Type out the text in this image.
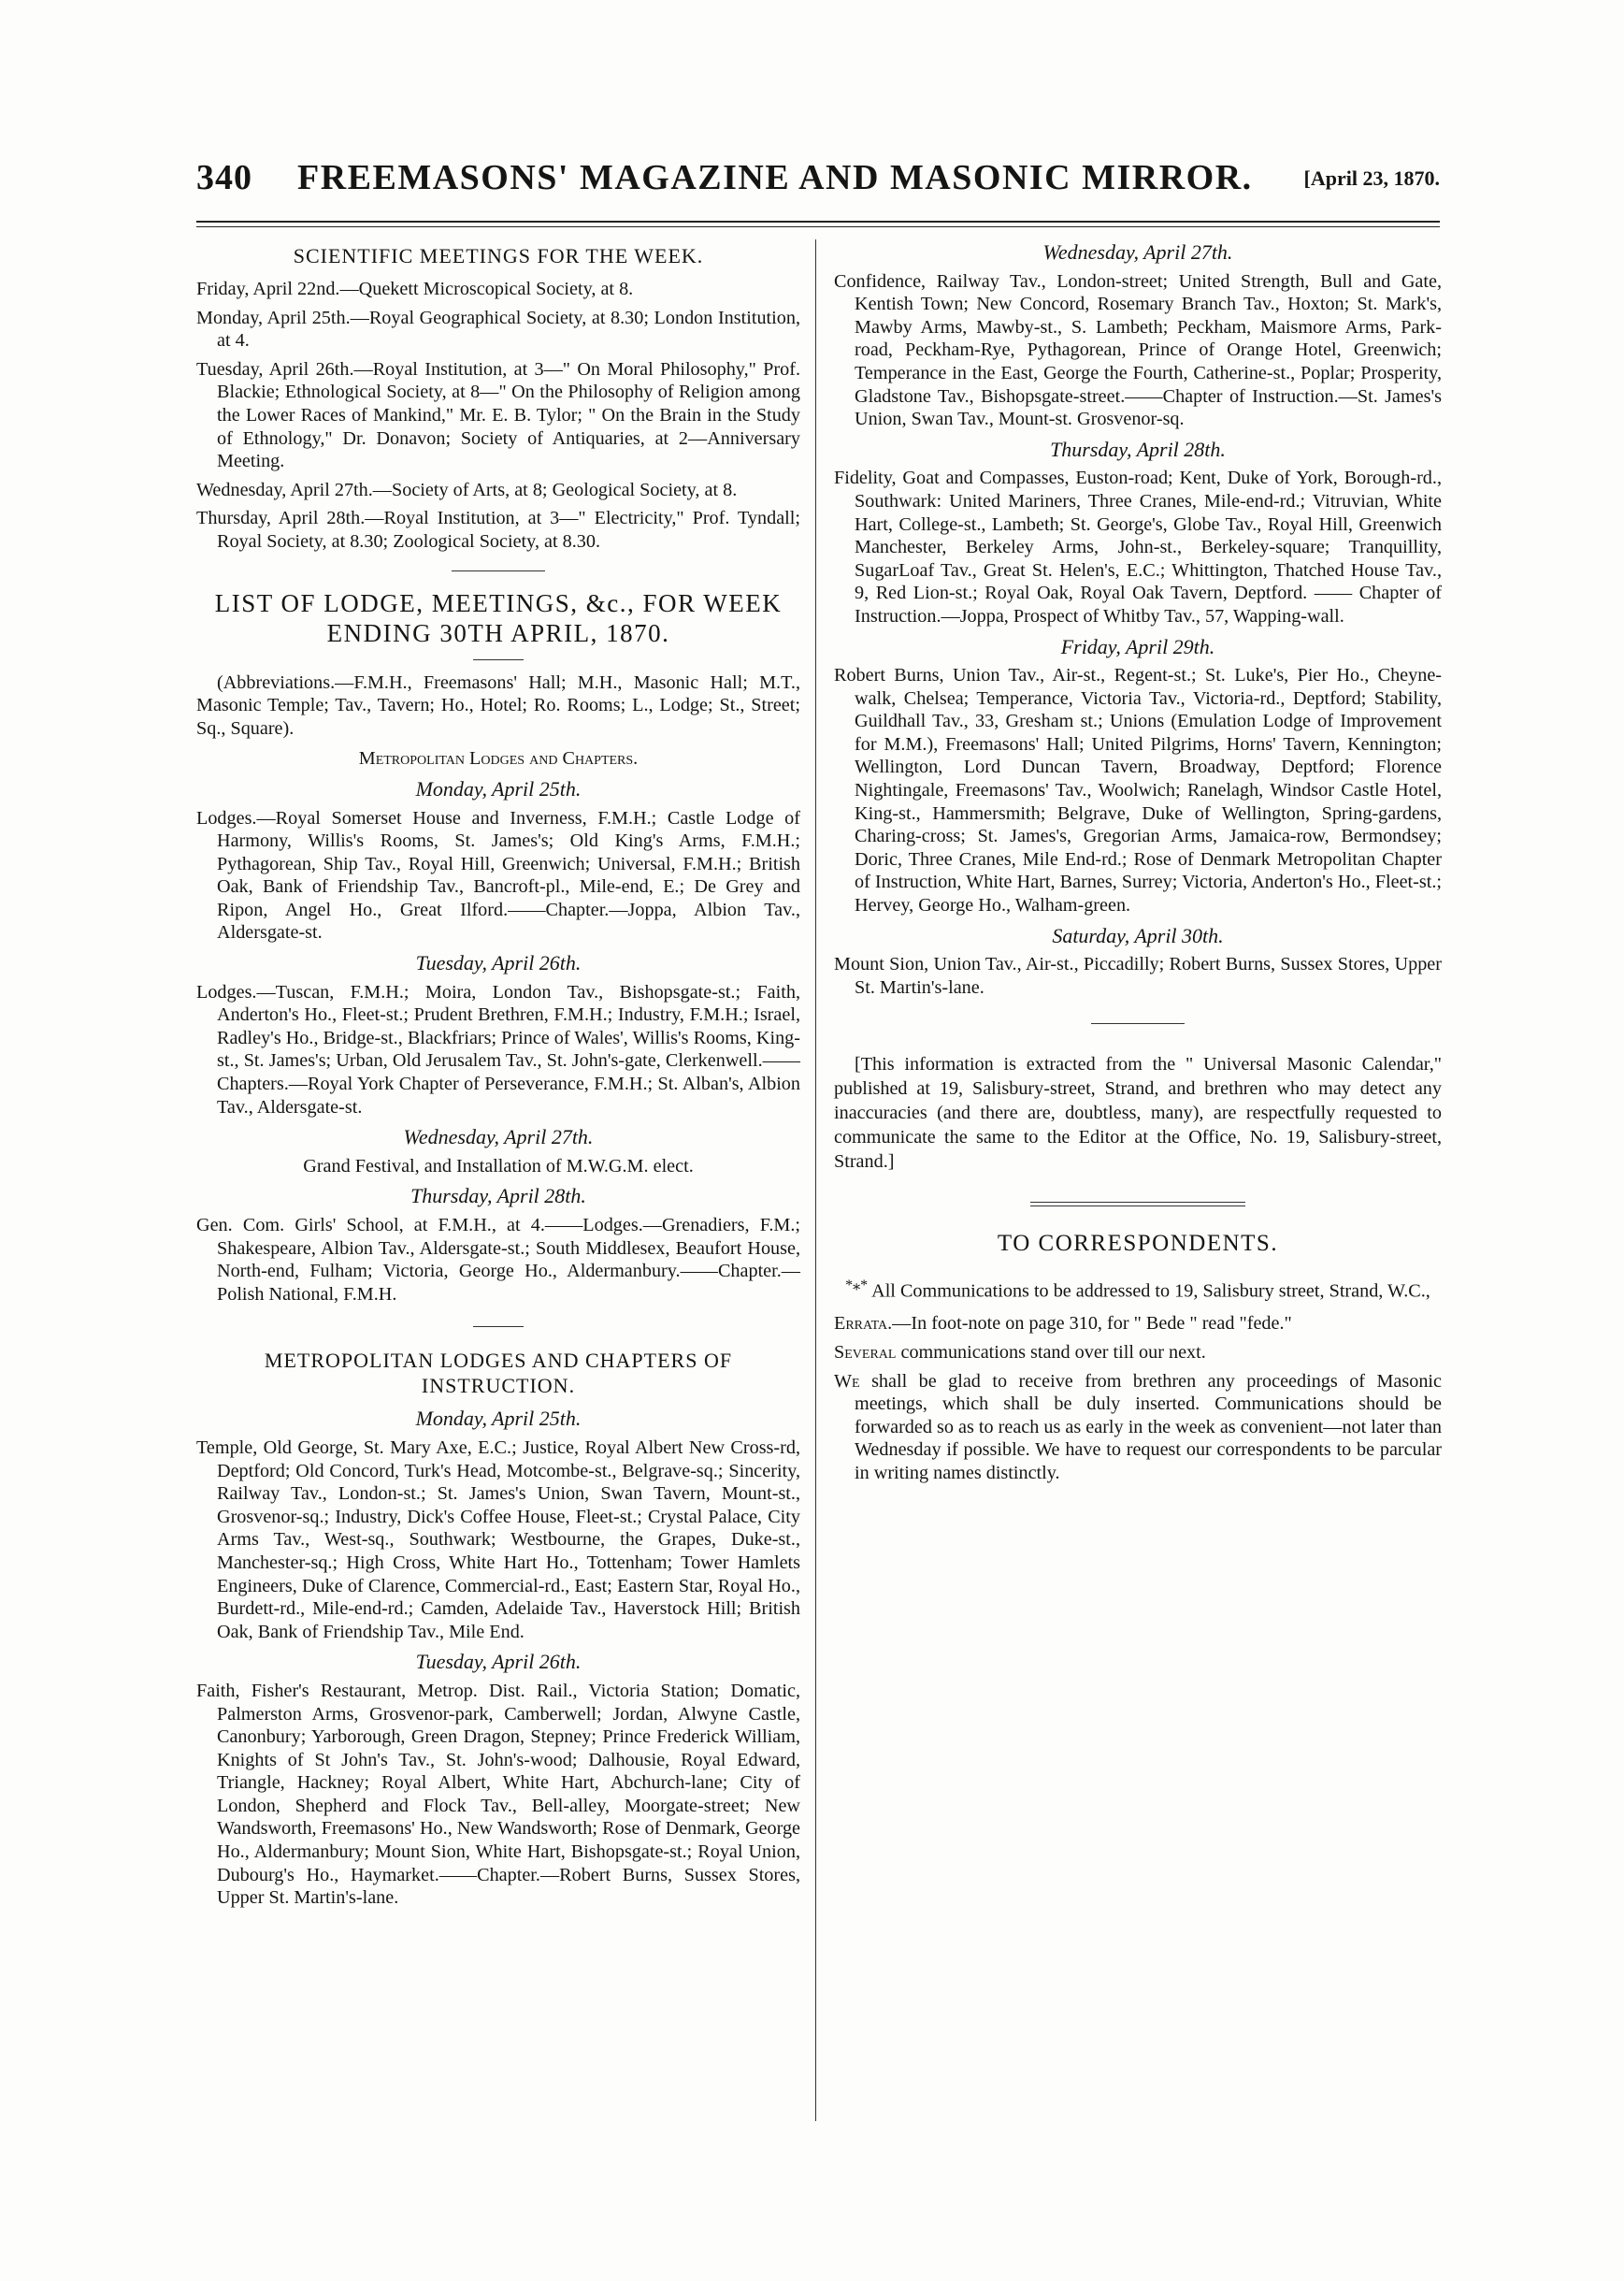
340 FREEMASONS' MAGAZINE AND MASONIC MIRROR. [April 23, 1870.
SCIENTIFIC MEETINGS FOR THE WEEK.

Friday, April 22nd.—Quekett Microscopical Society, at 8.

Monday, April 25th.—Royal Geographical Society, at 8.30; London Institution, at 4.

Tuesday, April 26th.—Royal Institution, at 3—" On Moral Philosophy," Prof. Blackie; Ethnological Society, at 8—" On the Philosophy of Religion among the Lower Races of Mankind," Mr. E. B. Tylor; " On the Brain in the Study of Ethnology," Dr. Donavon; Society of Antiquaries, at 2—Anniversary Meeting.

Wednesday, April 27th.—Society of Arts, at 8; Geological Society, at 8.

Thursday, April 28th.—Royal Institution, at 3—" Electricity," Prof. Tyndall; Royal Society, at 8.30; Zoological Society, at 8.30.

LIST OF LODGE, MEETINGS, &c., FOR WEEK ENDING 30TH APRIL, 1870.

(Abbreviations.—F.M.H., Freemasons' Hall; M.H., Masonic Hall; M.T., Masonic Temple; Tav., Tavern; Ho., Hotel; Ro. Rooms; L., Lodge; St., Street; Sq., Square).

Metropolitan Lodges and Chapters.
Monday, April 25th.

Lodges.—Royal Somerset House and Inverness, F.M.H.; Castle Lodge of Harmony, Willis's Rooms, St. James's; Old King's Arms, F.M.H.; Pythagorean, Ship Tav., Royal Hill, Greenwich; Universal, F.M.H.; British Oak, Bank of Friendship Tav., Bancroft-pl., Mile-end, E.; De Grey and Ripon, Angel Ho., Great Ilford.——Chapter.—Joppa, Albion Tav., Aldersgate-st.

Tuesday, April 26th.

Lodges.—Tuscan, F.M.H.; Moira, London Tav., Bishopsgate-st.; Faith, Anderton's Ho., Fleet-st.; Prudent Brethren, F.M.H.; Industry, F.M.H.; Israel, Radley's Ho., Bridge-st., Blackfriars; Prince of Wales', Willis's Rooms, King-st., St. James's; Urban, Old Jerusalem Tav., St. John's-gate, Clerkenwell.——Chapters.—Royal York Chapter of Perseverance, F.M.H.; St. Alban's, Albion Tav., Aldersgate-st.

Wednesday, April 27th.

Grand Festival, and Installation of M.W.G.M. elect.

Thursday, April 28th.

Gen. Com. Girls' School, at F.M.H., at 4.——Lodges.—Grenadiers, F.M.; Shakespeare, Albion Tav., Aldersgate-st.; South Middlesex, Beaufort House, North-end, Fulham; Victoria, George Ho., Aldermanbury.——Chapter.—Polish National, F.M.H.

METROPOLITAN LODGES AND CHAPTERS OF INSTRUCTION.
Monday, April 25th.

Temple, Old George, St. Mary Axe, E.C.; Justice, Royal Albert New Cross-rd, Deptford; Old Concord, Turk's Head, Motcombe-st., Belgrave-sq.; Sincerity, Railway Tav., London-st.; St. James's Union, Swan Tavern, Mount-st., Grosvenor-sq.; Industry, Dick's Coffee House, Fleet-st.; Crystal Palace, City Arms Tav., West-sq., Southwark; Westbourne, the Grapes, Duke-st., Manchester-sq.; High Cross, White Hart Ho., Tottenham; Tower Hamlets Engineers, Duke of Clarence, Commercial-rd., East; Eastern Star, Royal Ho., Burdett-rd., Mile-end-rd.; Camden, Adelaide Tav., Haverstock Hill; British Oak, Bank of Friendship Tav., Mile End.

Tuesday, April 26th.

Faith, Fisher's Restaurant, Metrop. Dist. Rail., Victoria Station; Domatic, Palmerston Arms, Grosvenor-park, Camberwell; Jordan, Alwyne Castle, Canonbury; Yarborough, Green Dragon, Stepney; Prince Frederick William, Knights of St John's Tav., St. John's-wood; Dalhousie, Royal Edward, Triangle, Hackney; Royal Albert, White Hart, Abchurch-lane; City of London, Shepherd and Flock Tav., Bell-alley, Moorgate-street; New Wandsworth, Freemasons' Ho., New Wandsworth; Rose of Denmark, George Ho., Aldermanbury; Mount Sion, White Hart, Bishopsgate-st.; Royal Union, Dubourg's Ho., Haymarket.——Chapter.—Robert Burns, Sussex Stores, Upper St. Martin's-lane.

Wednesday, April 27th.

Confidence, Railway Tav., London-street; United Strength, Bull and Gate, Kentish Town; New Concord, Rosemary Branch Tav., Hoxton; St. Mark's, Mawby Arms, Mawby-st., S. Lambeth; Peckham, Maismore Arms, Park-road, Peckham-Rye, Pythagorean, Prince of Orange Hotel, Greenwich; Temperance in the East, George the Fourth, Catherine-st., Poplar; Prosperity, Gladstone Tav., Bishopsgate-street.——Chapter of Instruction.—St. James's Union, Swan Tav., Mount-st. Grosvenor-sq.

Thursday, April 28th.

Fidelity, Goat and Compasses, Euston-road; Kent, Duke of York, Borough-rd., Southwark: United Mariners, Three Cranes, Mile-end-rd.; Vitruvian, White Hart, College-st., Lambeth; St. George's, Globe Tav., Royal Hill, Greenwich Manchester, Berkeley Arms, John-st., Berkeley-square; Tranquillity, SugarLoaf Tav., Great St. Helen's, E.C.; Whittington, Thatched House Tav., 9, Red Lion-st.; Royal Oak, Royal Oak Tavern, Deptford. —— Chapter of Instruction.—Joppa, Prospect of Whitby Tav., 57, Wapping-wall.

Friday, April 29th.

Robert Burns, Union Tav., Air-st., Regent-st.; St. Luke's, Pier Ho., Cheyne-walk, Chelsea; Temperance, Victoria Tav., Victoria-rd., Deptford; Stability, Guildhall Tav., 33, Gresham st.; Unions (Emulation Lodge of Improvement for M.M.), Freemasons' Hall; United Pilgrims, Horns' Tavern, Kennington; Wellington, Lord Duncan Tavern, Broadway, Deptford; Florence Nightingale, Freemasons' Tav., Woolwich; Ranelagh, Windsor Castle Hotel, King-st., Hammersmith; Belgrave, Duke of Wellington, Spring-gardens, Charing-cross; St. James's, Gregorian Arms, Jamaica-row, Bermondsey; Doric, Three Cranes, Mile End-rd.; Rose of Denmark Metropolitan Chapter of Instruction, White Hart, Barnes, Surrey; Victoria, Anderton's Ho., Fleet-st.; Hervey, George Ho., Walham-green.

Saturday, April 30th.

Mount Sion, Union Tav., Air-st., Piccadilly; Robert Burns, Sussex Stores, Upper St. Martin's-lane.

[This information is extracted from the " Universal Masonic Calendar," published at 19, Salisbury-street, Strand, and brethren who may detect any inaccuracies (and there are, doubtless, many), are respectfully requested to communicate the same to the Editor at the Office, No. 19, Salisbury-street, Strand.]

TO CORRESPONDENTS.

*⁎* All Communications to be addressed to 19, Salisbury street, Strand, W.C.,

Errata.—In foot-note on page 310, for " Bede " read "fede."

Several communications stand over till our next.

We shall be glad to receive from brethren any proceedings of Masonic meetings, which shall be duly inserted. Communications should be forwarded so as to reach us as early in the week as convenient—not later than Wednesday if possible. We have to request our correspondents to be parcular in writing names distinctly.
